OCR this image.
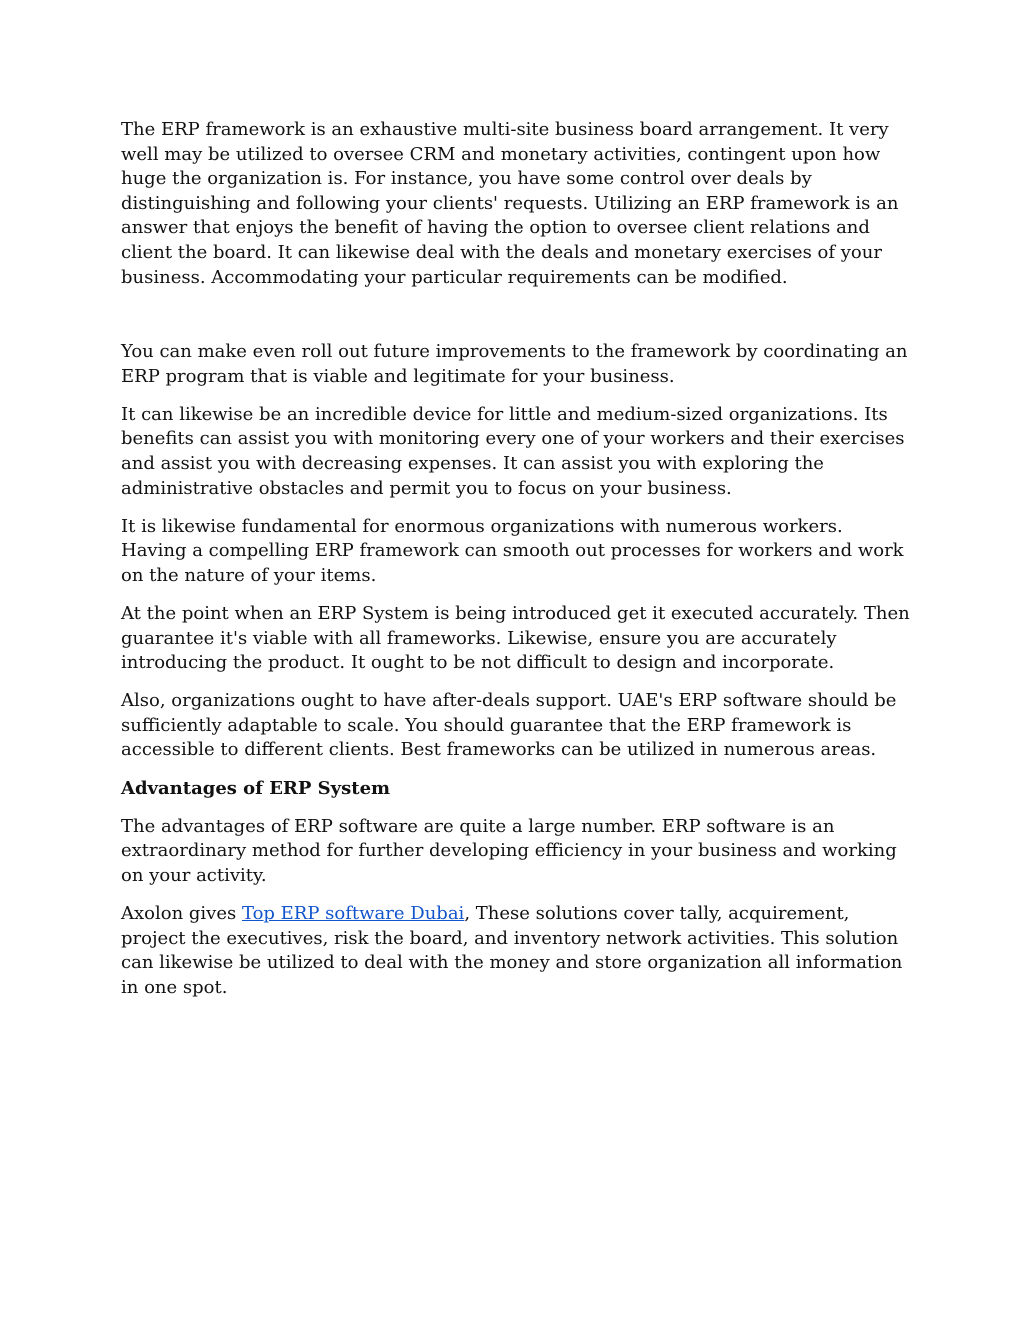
The ERP framework is an exhaustive multi-site business board arrangement. It very well may be utilized to oversee CRM and monetary activities, contingent upon how huge the organization is. For instance, you have some control over deals by distinguishing and following your clients' requests. Utilizing an ERP framework is an answer that enjoys the benefit of having the option to oversee client relations and client the board. It can likewise deal with the deals and monetary exercises of your business. Accommodating your particular requirements can be modified.

You can make even roll out future improvements to the framework by coordinating an ERP program that is viable and legitimate for your business.

It can likewise be an incredible device for little and medium-sized organizations. Its benefits can assist you with monitoring every one of your workers and their exercises and assist you with decreasing expenses. It can assist you with exploring the administrative obstacles and permit you to focus on your business.

It is likewise fundamental for enormous organizations with numerous workers. Having a compelling ERP framework can smooth out processes for workers and work on the nature of your items.

At the point when an ERP System is being introduced get it executed accurately. Then guarantee it's viable with all frameworks. Likewise, ensure you are accurately introducing the product. It ought to be not difficult to design and incorporate.

Also, organizations ought to have after-deals support. UAE's ERP software should be sufficiently adaptable to scale. You should guarantee that the ERP framework is accessible to different clients. Best frameworks can be utilized in numerous areas.

Advantages of ERP System

The advantages of ERP software are quite a large number. ERP software is an extraordinary method for further developing efficiency in your business and working on your activity.

Axolon gives Top ERP software Dubai, These solutions cover tally, acquirement, project the executives, risk the board, and inventory network activities. This solution can likewise be utilized to deal with the money and store organization all information in one spot.
